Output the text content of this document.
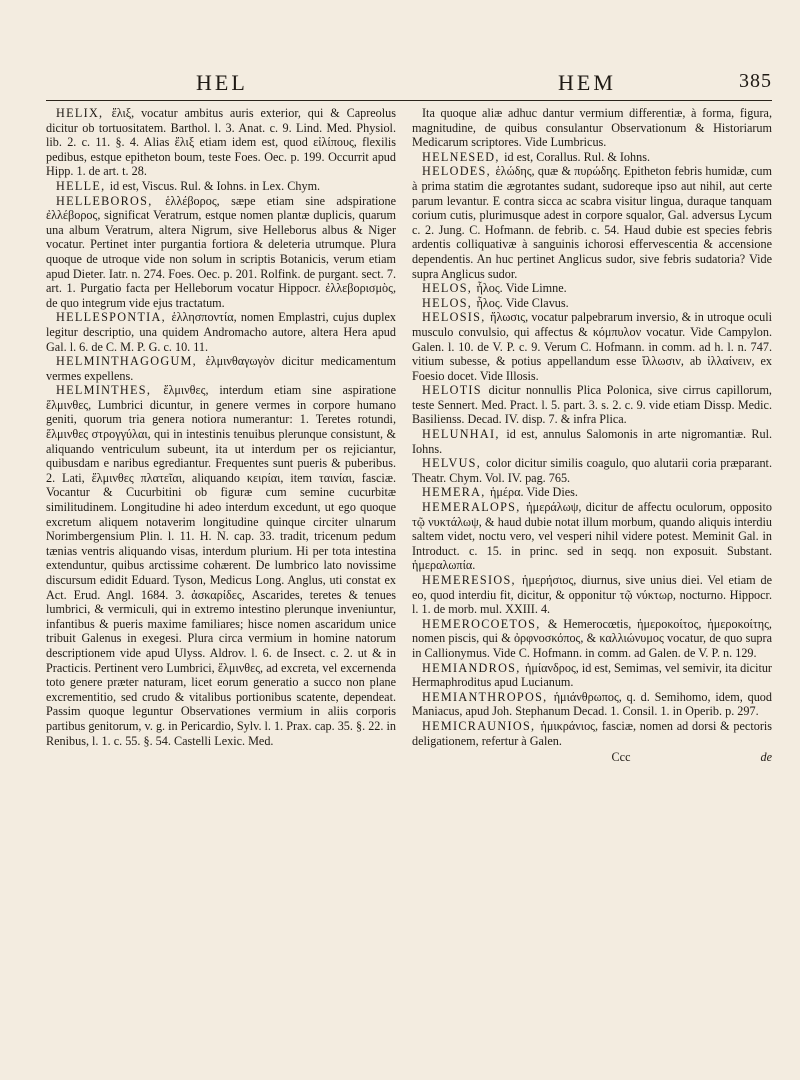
HEL	HEM	385

HELIX, ἕλιξ, vocatur ambitus auris exterior, qui & Capreolus dicitur ob tortuositatem. Barthol. l. 3. Anat. c. 9. Lind. Med. Physiol. lib. 2. c. 11. §. 4. Alias ἕλιξ etiam idem est, quod εἰλίπους, flexilis pedibus, estque epitheton boum, teste Foes. Oec. p. 199. Occurrit apud Hipp. 1. de art. t. 28.

HELLE, id est, Viscus. Rul. & Iohns. in Lex. Chym.

HELLEBOROS, ἑλλέβορος, sæpe etiam sine adspiratione ἐλλέβορος, significat Veratrum, estque nomen plantæ duplicis, quarum una album Veratrum, altera Nigrum, sive Helleborus albus & Niger vocatur. Pertinet inter purgantia fortiora & deleteria utrumque. Plura quoque de utroque vide non solum in scriptis Botanicis, verum etiam apud Dieter. Iatr. n. 274. Foes. Oec. p. 201. Rolfink. de purgant. sect. 7. art. 1. Purgatio facta per Helleborum vocatur Hippocr. ἐλλεβορισμὸς, de quo integrum vide ejus tractatum.

HELLESPONTIA, ἑλλησποντία, nomen Emplastri, cujus duplex legitur descriptio, una quidem Andromacho autore, altera Hera apud Gal. l. 6. de C. M. P. G. c. 10. 11.

HELMINTHAGOGUM, ἑλμινθαγωγὸν dicitur medicamentum vermes expellens.

HELMINTHES, ἕλμινθες, interdum etiam sine aspiratione ἕλμινθες, Lumbrici dicuntur, in genere vermes in corpore humano geniti, quorum tria genera notiora numerantur: 1. Teretes rotundi, ἕλμινθες στρογγύλαι, qui in intestinis tenuibus plerunque consistunt, & aliquando ventriculum subeunt, ita ut interdum per os rejiciantur, quibusdam e naribus egrediantur. Frequentes sunt pueris & puberibus. 2. Lati, ἕλμινθες πλατεῖαι, aliquando κειρίαι, item ταινίαι, fasciæ. Vocantur & Cucurbitini ob figuræ cum semine cucurbitæ similitudinem. Longitudine hi adeo interdum excedunt, ut ego quoque excretum aliquem notaverim longitudine quinque circiter ulnarum Norimbergensium Plin. l. 11. H. N. cap. 33. tradit, tricenum pedum tænias ventris aliquando visas, interdum plurium. Hi per tota intestina extenduntur, quibus arctissime cohærent. De lumbrico lato novissime discursum edidit Eduard. Tyson, Medicus Long. Anglus, uti constat ex Act. Erud. Angl. 1684. 3. ἀσκαρίδες, Ascarides, teretes & tenues lumbrici, & vermiculi, qui in extremo intestino plerunque inveniuntur, infantibus & pueris maxime familiares; hisce nomen ascaridum unice tribuit Galenus in exegesi. Plura circa vermium in homine natorum descriptionem vide apud Ulyss. Aldrov. l. 6. de Insect. c. 2. ut & in Practicis. Pertinent vero Lumbrici, ἕλμινθες, ad excreta, vel excernenda toto genere præter naturam, licet eorum generatio a succo non plane excrementitio, sed crudo & vitalibus portionibus scatente, dependeat. Passim quoque leguntur Observationes vermium in aliis corporis partibus genitorum, v. g. in Pericardio, Sylv. l. 1. Prax. cap. 35. §. 22. in Renibus, l. 1. c. 55. §. 54. Castelli Lexic. Med.

Ita quoque aliæ adhuc dantur vermium differentiæ, à forma, figura, magnitudine, de quibus consulantur Observationum & Historiarum Medicarum scriptores. Vide Lumbricus.

HELNESED, id est, Corallus. Rul. & Iohns.

HELODES, ἑλώδης, quæ & πυρώδης. Epitheton febris humidæ, cum à prima statim die ægrotantes sudant, sudoreque ipso aut nihil, aut certe parum levantur. E contra sicca ac scabra visitur lingua, duraque tanquam corium cutis, plurimusque adest in corpore squalor, Gal. adversus Lycum c. 2. Jung. C. Hofmann. de febrib. c. 54. Haud dubie est species febris ardentis colliquativæ à sanguinis ichorosi effervescentia & accensione dependentis. An huc pertinet Anglicus sudor, sive febris sudatoria? Vide supra Anglicus sudor.

HELOS, ἧλος. Vide Limne.

HELOS, ἧλος. Vide Clavus.

HELOSIS, ἥλωσις, vocatur palpebrarum inversio, & in utroque oculi musculo convulsio, qui affectus & κόμπυλον vocatur. Vide Campylon. Galen. l. 10. de V. P. c. 9. Verum C. Hofmann. in comm. ad h. l. n. 747. vitium subesse, & potius appellandum esse ἴλλωσιν, ab ἰλλαίνειν, ex Foesio docet. Vide Illosis.

HELOTIS dicitur nonnullis Plica Polonica, sive cirrus capillorum, teste Sennert. Med. Pract. l. 5. part. 3. s. 2. c. 9. vide etiam Dissp. Medic. Basilienss. Decad. IV. disp. 7. & infra Plica.

HELUNHAI, id est, annulus Salomonis in arte nigromantiæ. Rul. Iohns.

HELVUS, color dicitur similis coagulo, quo alutarii coria præparant. Theatr. Chym. Vol. IV. pag. 765.

HEMERA, ἡμέρα. Vide Dies.

HEMERALOPS, ἡμεράλωψ, dicitur de affectu oculorum, opposito τῷ νυκτάλωψ, & haud dubie notat illum morbum, quando aliquis interdiu saltem videt, noctu vero, vel vesperi nihil videre potest. Meminit Gal. in Introduct. c. 15. in princ. sed in seqq. non exposuit. Substant. ἡμεραλωπία.

HEMERESIOS, ἡμερήσιος, diurnus, sive unius diei. Vel etiam de eo, quod interdiu fit, dicitur, & opponitur τῷ νύκτωρ, nocturno. Hippocr. l. 1. de morb. mul. XXIII. 4.

HEMEROCOETOS, & Hemerocœtis, ἡμεροκοίτος, ἡμεροκοίτης, nomen piscis, qui & ὀρφνοσκόπος, & καλλιώνυμος vocatur, de quo supra in Callionymus. Vide C. Hofmann. in comm. ad Galen. de V. P. n. 129.

HEMIANDROS, ἡμίανδρος, id est, Semimas, vel semivir, ita dicitur Hermaphroditus apud Lucianum.

HEMIANTHROPOS, ἡμιάνθρωπος, q. d. Semihomo, idem, quod Maniacus, apud Joh. Stephanum Decad. 1. Consil. 1. in Operib. p. 297.

HEMICRAUNIOS, ἡμικράνιος, fasciæ, nomen ad dorsi & pectoris deligationem, refertur à Galen.

Ccc	de
